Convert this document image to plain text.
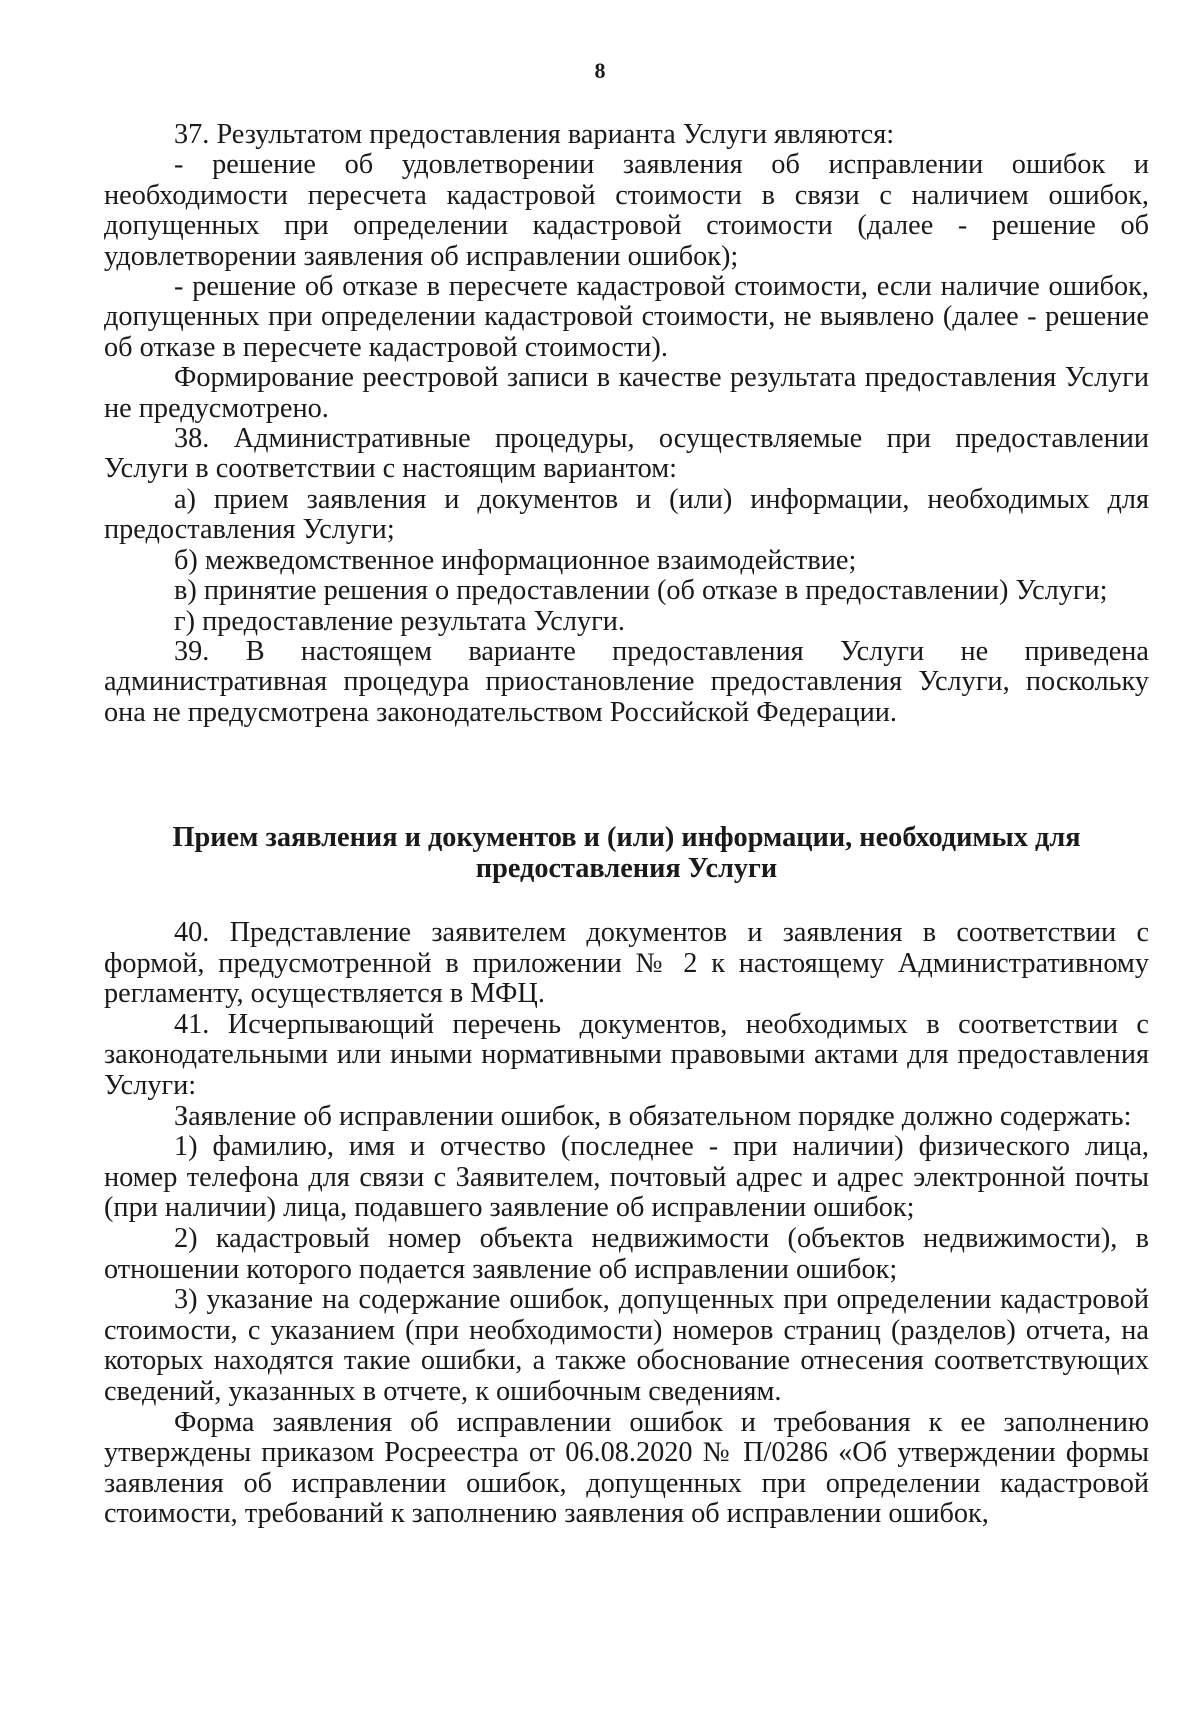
8

37. Результатом предоставления варианта Услуги являются:

- решение об удовлетворении заявления об исправлении ошибок и необходимости пересчета кадастровой стоимости в связи с наличием ошибок, допущенных при определении кадастровой стоимости (далее - решение об удовлетворении заявления об исправлении ошибок);

- решение об отказе в пересчете кадастровой стоимости, если наличие ошибок, допущенных при определении кадастровой стоимости, не выявлено (далее - решение об отказе в пересчете кадастровой стоимости).

Формирование реестровой записи в качестве результата предоставления Услуги не предусмотрено.

38. Административные процедуры, осуществляемые при предоставлении Услуги в соответствии с настоящим вариантом:

а) прием заявления и документов и (или) информации, необходимых для предоставления Услуги;

б) межведомственное информационное взаимодействие;

в) принятие решения о предоставлении (об отказе в предоставлении) Услуги;

г) предоставление результата Услуги.

39. В настоящем варианте предоставления Услуги не приведена административная процедура приостановление предоставления Услуги, поскольку она не предусмотрена законодательством Российской Федерации.

Прием заявления и документов и (или) информации, необходимых для
предоставления Услуги

40. Представление заявителем документов и заявления в соответствии с формой, предусмотренной в приложении № 2 к настоящему Административному регламенту, осуществляется в МФЦ.

41. Исчерпывающий перечень документов, необходимых в соответствии с законодательными или иными нормативными правовыми актами для предоставления Услуги:

Заявление об исправлении ошибок, в обязательном порядке должно содержать:

1) фамилию, имя и отчество (последнее - при наличии) физического лица, номер телефона для связи с Заявителем, почтовый адрес и адрес электронной почты (при наличии) лица, подавшего заявление об исправлении ошибок;

2) кадастровый номер объекта недвижимости (объектов недвижимости), в отношении которого подается заявление об исправлении ошибок;

3) указание на содержание ошибок, допущенных при определении кадастровой стоимости, с указанием (при необходимости) номеров страниц (разделов) отчета, на которых находятся такие ошибки, а также обоснование отнесения соответствующих сведений, указанных в отчете, к ошибочным сведениям.

Форма заявления об исправлении ошибок и требования к ее заполнению утверждены приказом Росреестра от 06.08.2020 № П/0286 «Об утверждении формы заявления об исправлении ошибок, допущенных при определении кадастровой стоимости, требований к заполнению заявления об исправлении ошибок,
